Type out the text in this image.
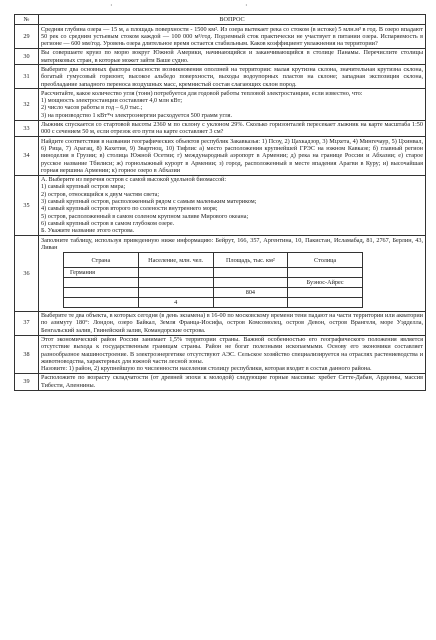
·	·
№	ВОПРОС
29	

Средняя глубина озера — 15 м, а площадь поверхности - 1500 км². Из озера вытекает река со стоком (в истоке) 5 млн.м³ в год. В озеро впадают 50 рек со средним устьевым стоком каждой — 100 000 м³/год. Подземный сток практически не участвует в питании озера. Испаряемость в регионе — 600 мм/год. Уровень озера длительное время остается стабильным. Каков коэффициент увлажнения на территории?

30	

Вы совершаете круиз по морю вокруг Южной Америки, начинающийся и заканчивающийся в столице Панамы. Перечислите столицы материковых стран, в которые может зайти Ваше судно.

31	

Выберите два основных фактора опасности возникновения оползней на территории: малая крутизна склона, значительная крутизна склона, богатый гумусовый горизонт, высокое альбедо поверхности, выходы водоупорных пластов на склоне; западная экспозиция склона, преобладание западного переноса воздушных масс, кремнистый состав слагающих склон пород.

32	

Рассчитайте, какое количество угля (тонн) потребуется для годовой работы тепловой электростанции, если известно, что:

1) мощность электростанции составляет 4,0 млн кВт;

2) число часов работы в год – 6,0 тыс.;

3) на производство 1 кВт*ч электроэнергии расходуется 500 грамм угля.

33	

Лыжник спускается со стартовой высоты 2360 м по склону с уклоном 29%. Сколько горизонталей пересекает лыжник на карте масштаба 1:50 000 с сечением 50 м, если отрезок его пути на карте составляет 3 см?

34	

Найдите соответствия в названии географических объектов республик Закавказья: 1) Псоу, 2) Цахкадзор, 3) Мцхета, 4) Мингечаур, 5) Цхинвал, 6) Рица, 7) Арагац, 8) Кахетия, 9) Звартноц, 10) Тифлис а) место расположения крупнейшей ГРЭС на южном Кавказе; б) главный регион виноделия в Грузии; в) столица Южной Осетии; г) международный аэропорт в Армении; д) река на границе России и Абхазии; е) старое русское название Тбилиси; ж) горнолыжный курорт в Армении; з) город, расположенный в месте впадения Арагви в Куру; и) высочайшая горная вершина Армении; к) горное озеро в Абхазии

35	

А. Выберите из перечня остров с самой высокой удельной биомассой:

1) самый крупный остров мира;

2) остров, относящийся к двум частям света;

3) самый крупный остров, расположенный рядом с самым маленьким материком;

4) самый крупный остров второго по солености внутреннего моря;

5) остров, расположенный в самом соленом крупном заливе Мирового океана;

6) самый крупный остров в самом глубоком озере.

Б. Укажите название этого острова.

36	

Заполните таблицу, используя приведенную ниже информацию: Бейрут, 166, 357, Аргентина, 10, Пакистан, Исламабад, 81, 2767, Берлин, 43, Ливан

Страна	Население, млн. чел.	Площадь, тыс. км²	Столица
Германия			
			Буэнос-Айрес
		804	
	4		

37	

Выберите те два объекта, в которых сегодня (в день экзамена) в 16-00 по московскому времени тени падают на части территории или акватории по азимуту 180°: Лондон, озеро Байкал, Земля Франца-Иосифа, остров Комсомолец, остров Девон, остров Врангеля, море Уэдделла, Бенгальский залив, Гвинейский залив, Командорские острова.

38	

Этот экономический район России занимает 1,5% территории страны. Важной особенностью его географического положения является отсутствие выхода к государственным границам страны. Район не богат полезными ископаемыми. Основу его экономики составляет разнообразное машиностроение. В электроэнергетике отсутствуют АЭС. Сельское хозяйство специализируется на отраслях растениеводства и животноводства, характерных для южной части лесной зоны.

Назовите: 1) район, 2) крупнейшую по численности населения столицу республики, которая входит в состав данного района.

39	

Расположите по возрасту складчатости (от древней эпохи к молодой) следующие горные массивы: хребет Сетте-Дабан, Арденны, массив Тибести, Апеннины.
